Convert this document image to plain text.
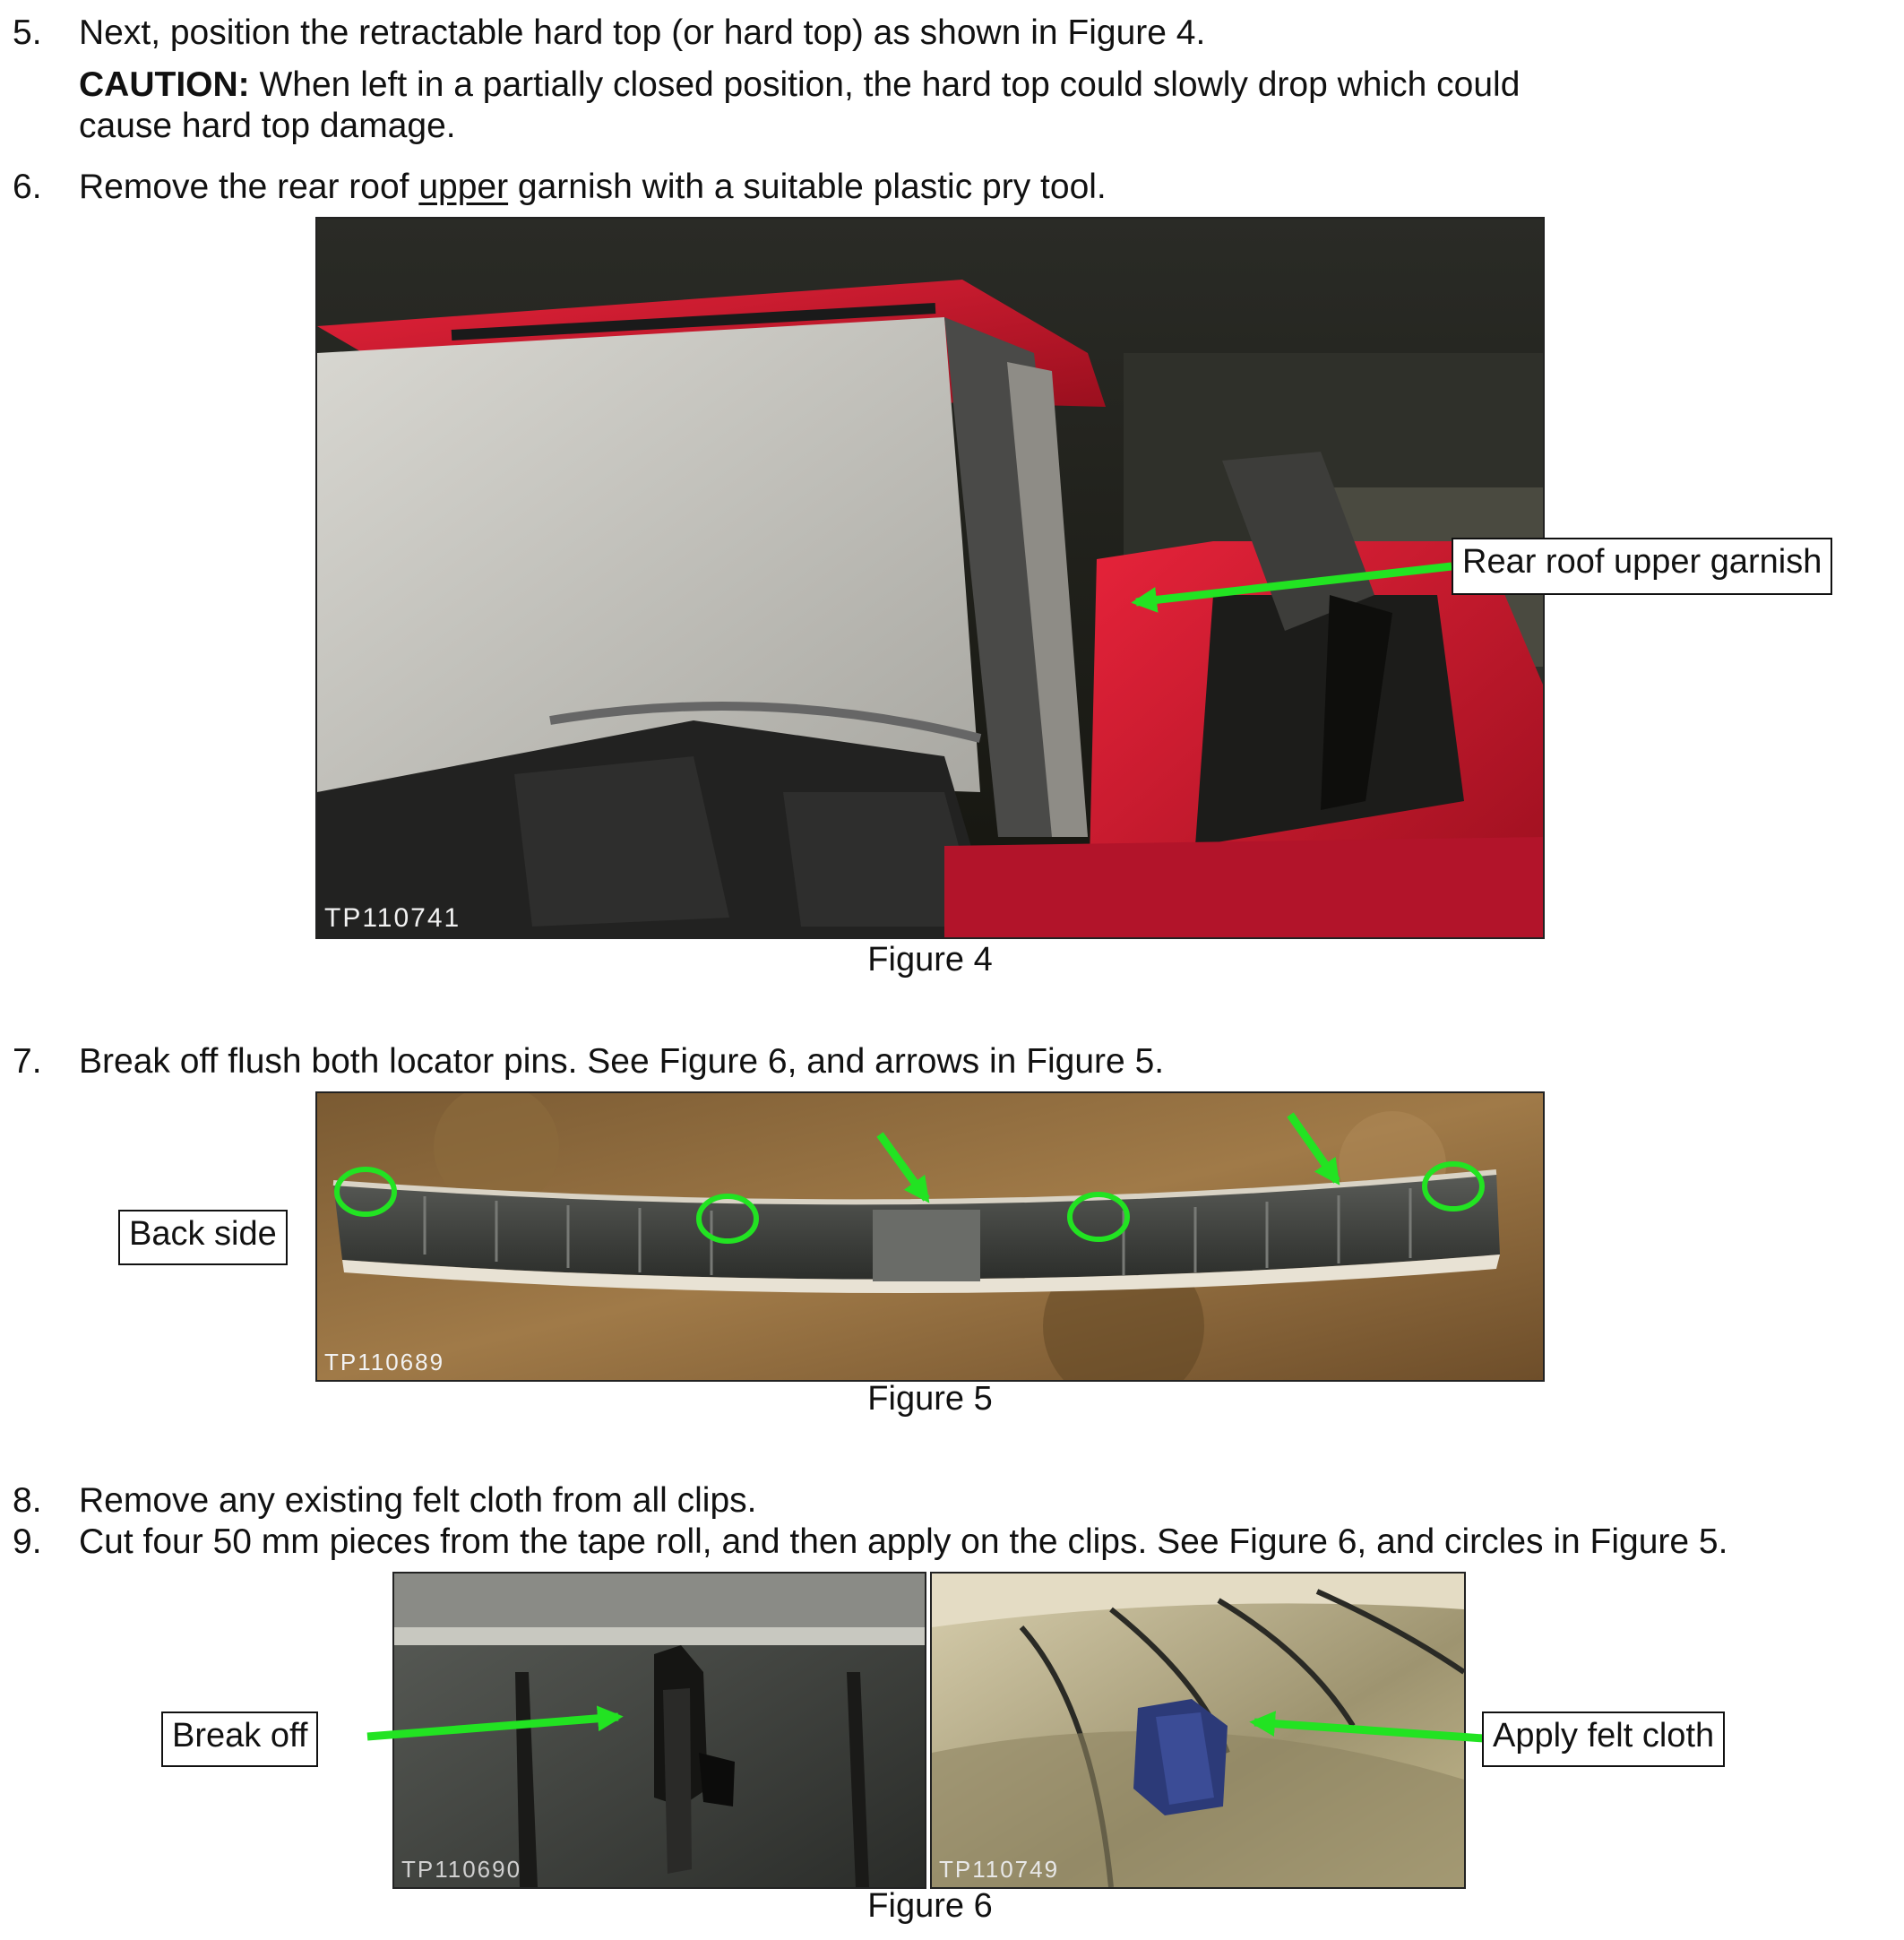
5. Next, position the retractable hard top (or hard top) as shown in Figure 4.
CAUTION: When left in a partially closed position, the hard top could slowly drop which could
cause hard top damage.
6. Remove the rear roof upper garnish with a suitable plastic pry tool.
TP110741
Figure 4
7. Break off flush both locator pins. See Figure 6, and arrows in Figure 5.
TP110689
Figure 5
8. Remove any existing felt cloth from all clips.
9. Cut four 50 mm pieces from the tape roll, and then apply on the clips. See Figure 6, and circles in Figure 5.
TP110690	TP110749
Figure 6
Rear roof upper garnish
Back side
Break off	Apply felt cloth
